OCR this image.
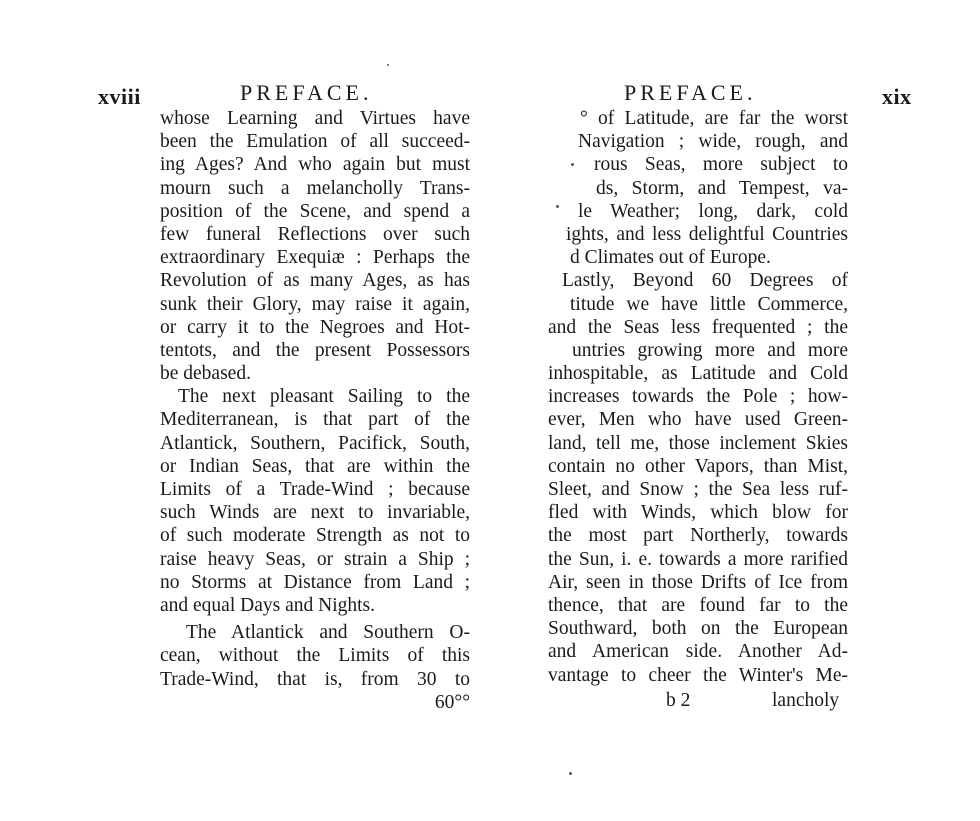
xviii	PREFACE.
whose Learning and Virtues have
been the Emulation of all succeed-
ing Ages? And who again but must
mourn such a melancholly Trans-
position of the Scene, and spend a
few funeral Reflections over such
extraordinary Exequiæ : Perhaps the
Revolution of as many Ages, as has
sunk their Glory, may raise it again,
or carry it to the Negroes and Hot-
tentots, and the present Possessors
be debased.
The next pleasant Sailing to the
Mediterranean, is that part of the
Atlantick, Southern, Pacifick, South,
or Indian Seas, that are within the
Limits of a Trade-Wind ; because
such Winds are next to invariable,
of such moderate Strength as not to
raise heavy Seas, or strain a Ship ;
no Storms at Distance from Land ;
and equal Days and Nights.
The Atlantick and Southern O-
cean, without the Limits of this
Trade-Wind, that is, from 30 to
60°°
PREFACE.	xix
° of Latitude, are far the worst
Navigation ; wide, rough, and
rous Seas, more subject to
ds, Storm, and Tempest, va-
le Weather; long, dark, cold
ights, and less delightful Countries
d Climates out of Europe.
Lastly, Beyond 60 Degrees of
titude we have little Commerce,
and the Seas less frequented ; the
untries growing more and more
inhospitable, as Latitude and Cold
increases towards the Pole ; how-
ever, Men who have used Green-
land, tell me, those inclement Skies
contain no other Vapors, than Mist,
Sleet, and Snow ; the Sea less ruf-
fled with Winds, which blow for
the most part Northerly, towards
the Sun, i. e. towards a more rarified
Air, seen in those Drifts of Ice from
thence, that are found far to the
Southward, both on the European
and American side. Another Ad-
vantage to cheer the Winter's Me-
b 2	lancholy
